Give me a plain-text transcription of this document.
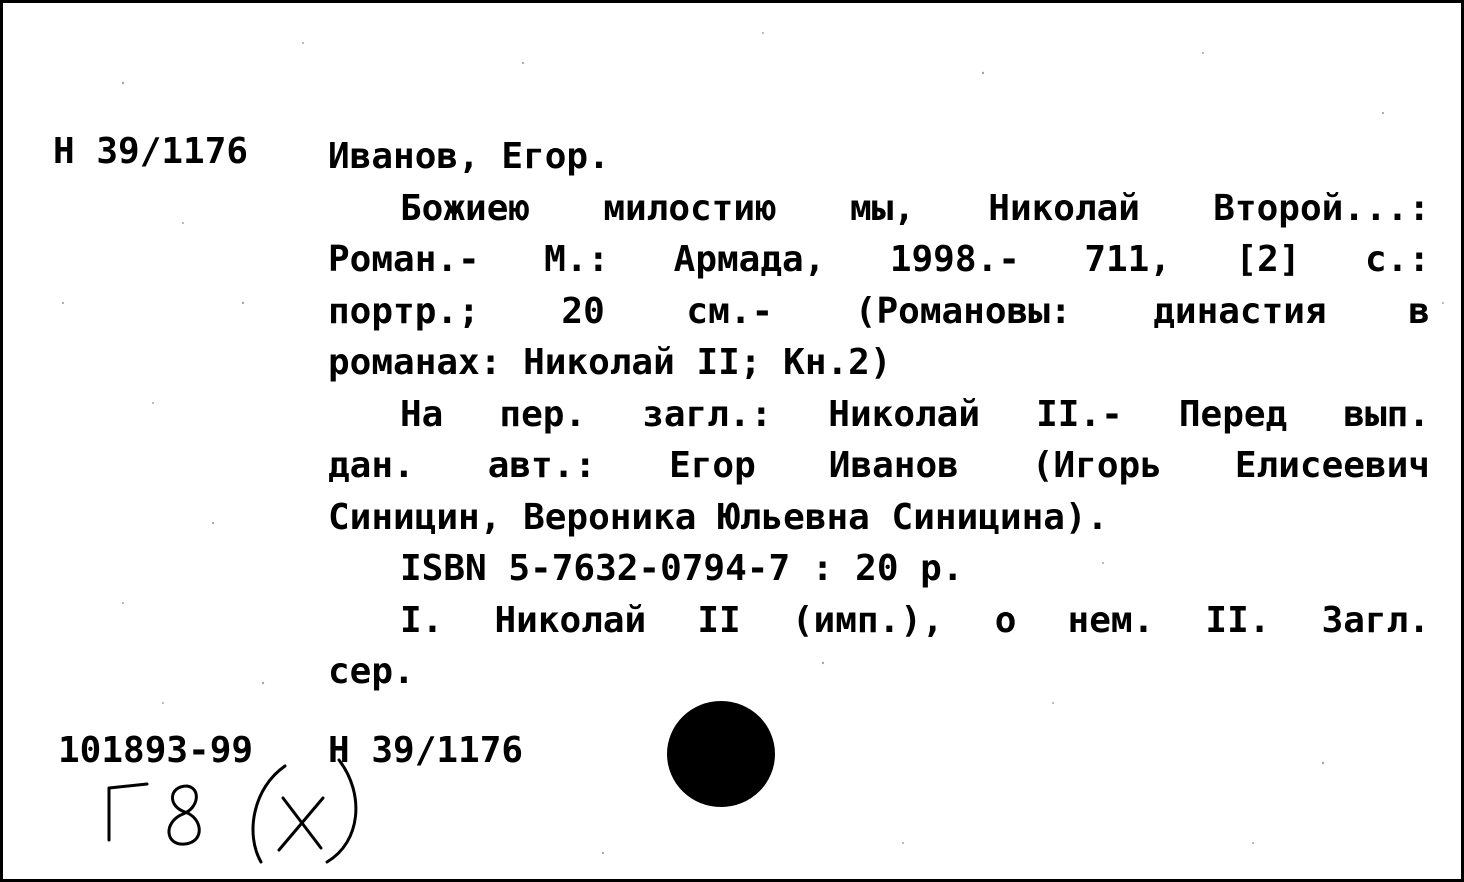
Н 39/1176 Иванов, Егор.
Божиею милостию мы, Николай Второй...:
Роман.- М.: Армада, 1998.- 711, [2] с.:
портр.; 20 см.- (Романовы: династия в
романах: Николай II; Кн.2)
На пер. загл.: Николай II.- Перед вып.
дан. авт.: Егор Иванов (Игорь Елисеевич
Синицин, Вероника Юльевна Синицина).
ISBN 5-7632-0794-7 : 20 р.
I. Николай II (имп.), о нем. II. Загл.
сер.
101893-99 Н 39/1176
